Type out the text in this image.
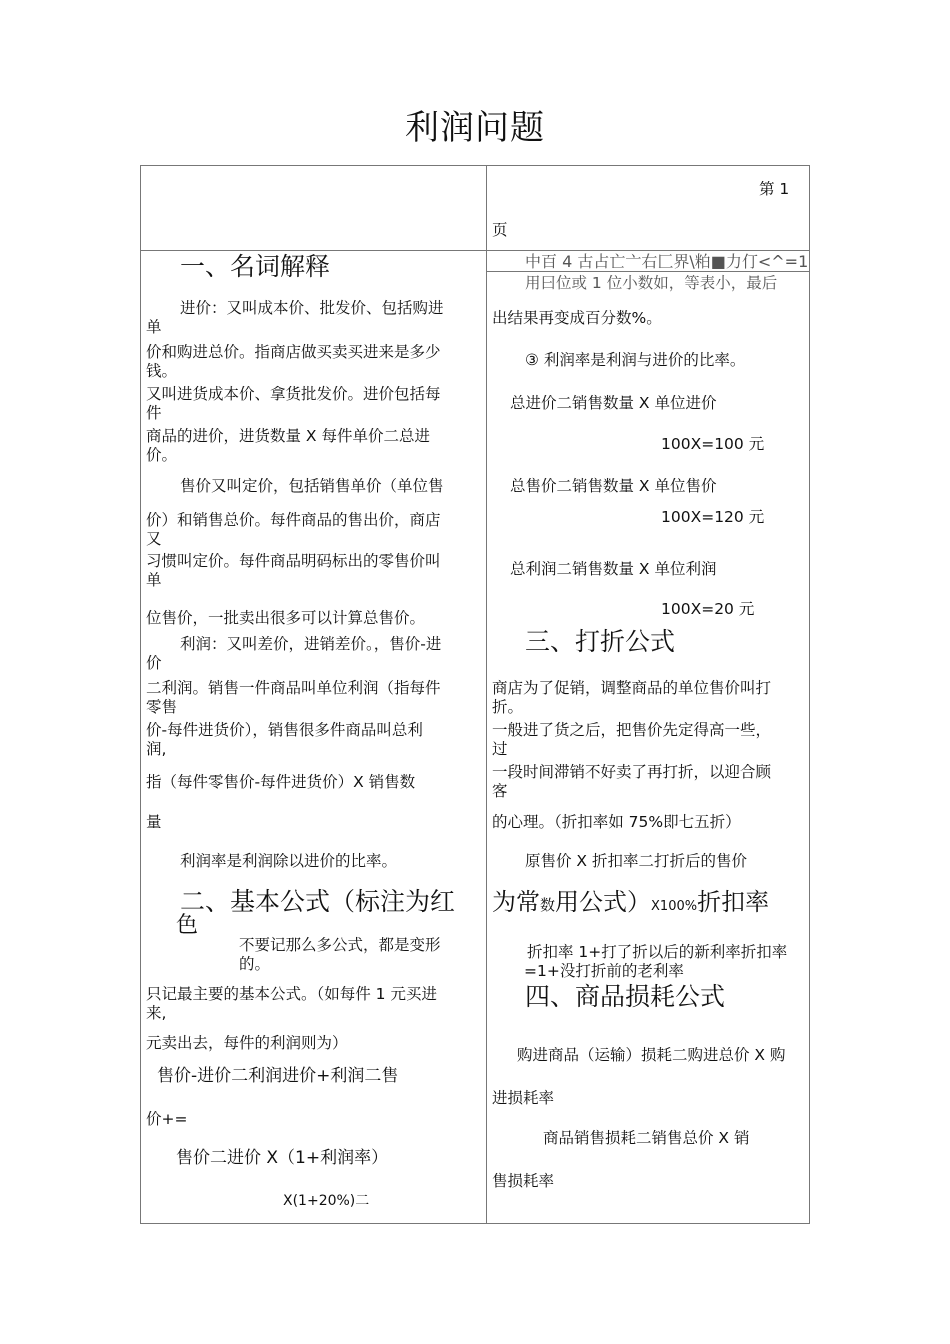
利润问题
第 1
页
一、名词解释
进价：又叫成本价、批发价、包括购进
单
价和购进总价。指商店做买卖买进来是多少
钱。
又叫进货成本价、拿货批发价。进价包括每
件
商品的进价，进货数量 X 每件单价二总进
价。
售价又叫定价，包括销售单价（单位售
价）和销售总价。每件商品的售出价，商店
又
习惯叫定价。每件商品明码标出的零售价叫
单
位售价，一批卖出很多可以计算总售价。
利润：又叫差价，进销差价。，售价-进
价
二利润。销售一件商品叫单位利润（指每件
零售
价-每件进货价），销售很多件商品叫总利
润,
指（每件零售价-每件进货价）X 销售数
量
利润率是利润除以进价的比率。
二、基本公式（标注为红
色
不要记那么多公式，都是变形
的。
只记最主要的基本公式。（如每件 1 元买进
来,
元卖出去，每件的利润则为）
售价-进价二利润进价+利润二售
价+=
售价二进价 X（1+利润率）
X(1+20%)二
中百 4 古占亡亠右匚界\粕■力仃<^=1
用曰位或 1 位小数如，等表小，最后
出结果再变成百分数%。
③ 利润率是利润与进价的比率。
总进价二销售数量 X 单位进价
100X=100 元
总售价二销售数量 X 单位售价
100X=120 元
总利润二销售数量 X 单位利润
100X=20 元
三、打折公式
商店为了促销，调整商品的单位售价叫打
折。
一般进了货之后，把售价先定得高一些，
过
一段时间滞销不好卖了再打折，以迎合顾
客
的心理。（折扣率如 75%即七五折）
原售价 X 折扣率二打折后的售价
为常数用公式）X100%折扣率
折扣率 1+打了折以后的新利率折扣率
=1+没打折前的老利率
四、商品损耗公式
购进商品（运输）损耗二购进总价 X 购
进损耗率
商品销售损耗二销售总价 X 销
售损耗率
